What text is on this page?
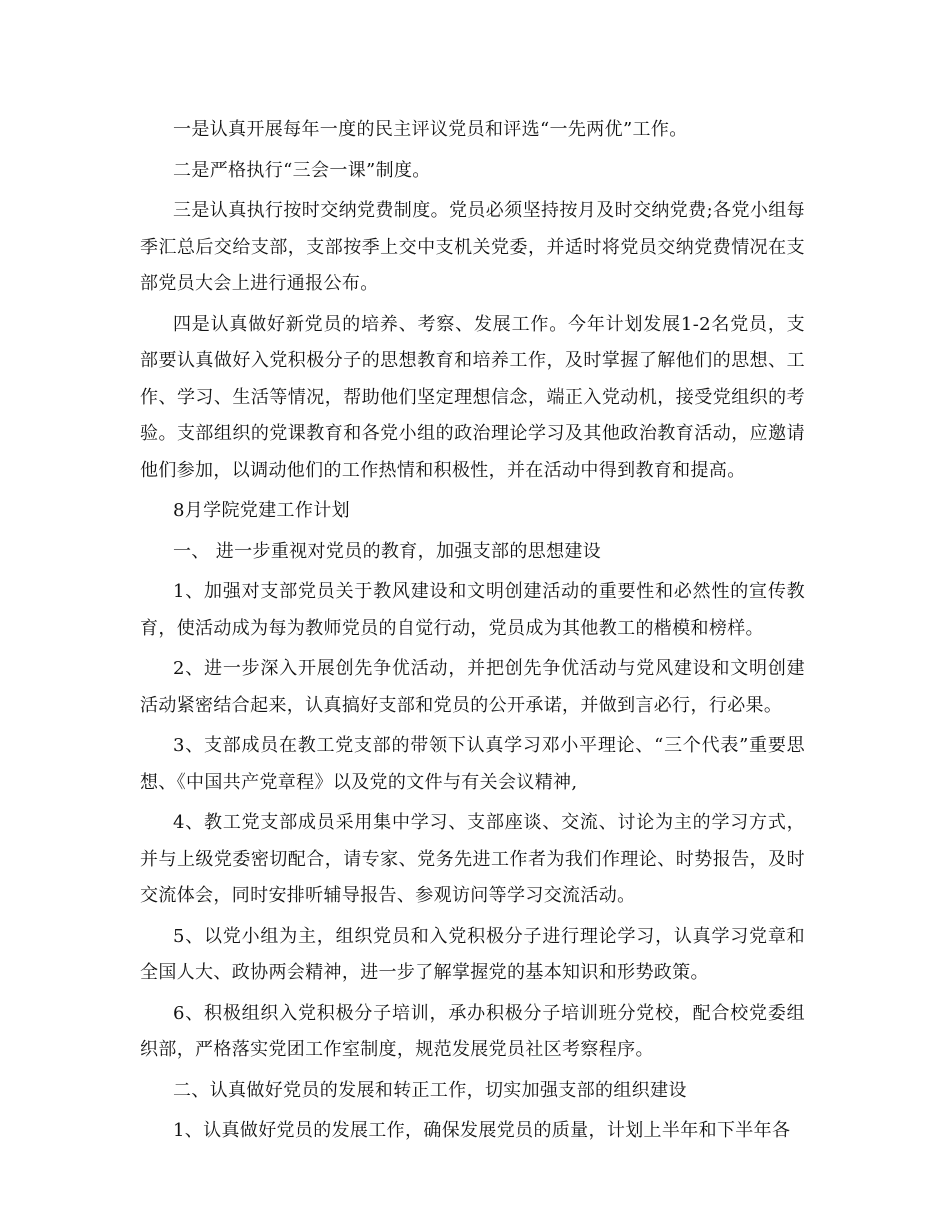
一是认真开展每年一度的民主评议党员和评选“一先两优”工作。

二是严格执行“三会一课”制度。

三是认真执行按时交纳党费制度。党员必须坚持按月及时交纳党费;各党小组每季汇总后交给支部，支部按季上交中支机关党委，并适时将党员交纳党费情况在支部党员大会上进行通报公布。

四是认真做好新党员的培养、考察、发展工作。今年计划发展1-2名党员，支部要认真做好入党积极分子的思想教育和培养工作，及时掌握了解他们的思想、工作、学习、生活等情况，帮助他们坚定理想信念，端正入党动机，接受党组织的考验。支部组织的党课教育和各党小组的政治理论学习及其他政治教育活动，应邀请他们参加，以调动他们的工作热情和积极性，并在活动中得到教育和提高。

8月学院党建工作计划

一、 进一步重视对党员的教育，加强支部的思想建设

1、加强对支部党员关于教风建设和文明创建活动的重要性和必然性的宣传教育，使活动成为每为教师党员的自觉行动，党员成为其他教工的楷模和榜样。

2、进一步深入开展创先争优活动，并把创先争优活动与党风建设和文明创建活动紧密结合起来，认真搞好支部和党员的公开承诺，并做到言必行，行必果。

3、支部成员在教工党支部的带领下认真学习邓小平理论、“三个代表”重要思想、《中国共产党章程》以及党的文件与有关会议精神,

4、教工党支部成员采用集中学习、支部座谈、交流、讨论为主的学习方式，并与上级党委密切配合，请专家、党务先进工作者为我们作理论、时势报告，及时交流体会，同时安排听辅导报告、参观访问等学习交流活动。

5、以党小组为主，组织党员和入党积极分子进行理论学习，认真学习党章和全国人大、政协两会精神，进一步了解掌握党的基本知识和形势政策。

6、积极组织入党积极分子培训，承办积极分子培训班分党校，配合校党委组织部，严格落实党团工作室制度，规范发展党员社区考察程序。

二、认真做好党员的发展和转正工作，切实加强支部的组织建设

1、认真做好党员的发展工作，确保发展党员的质量，计划上半年和下半年各
